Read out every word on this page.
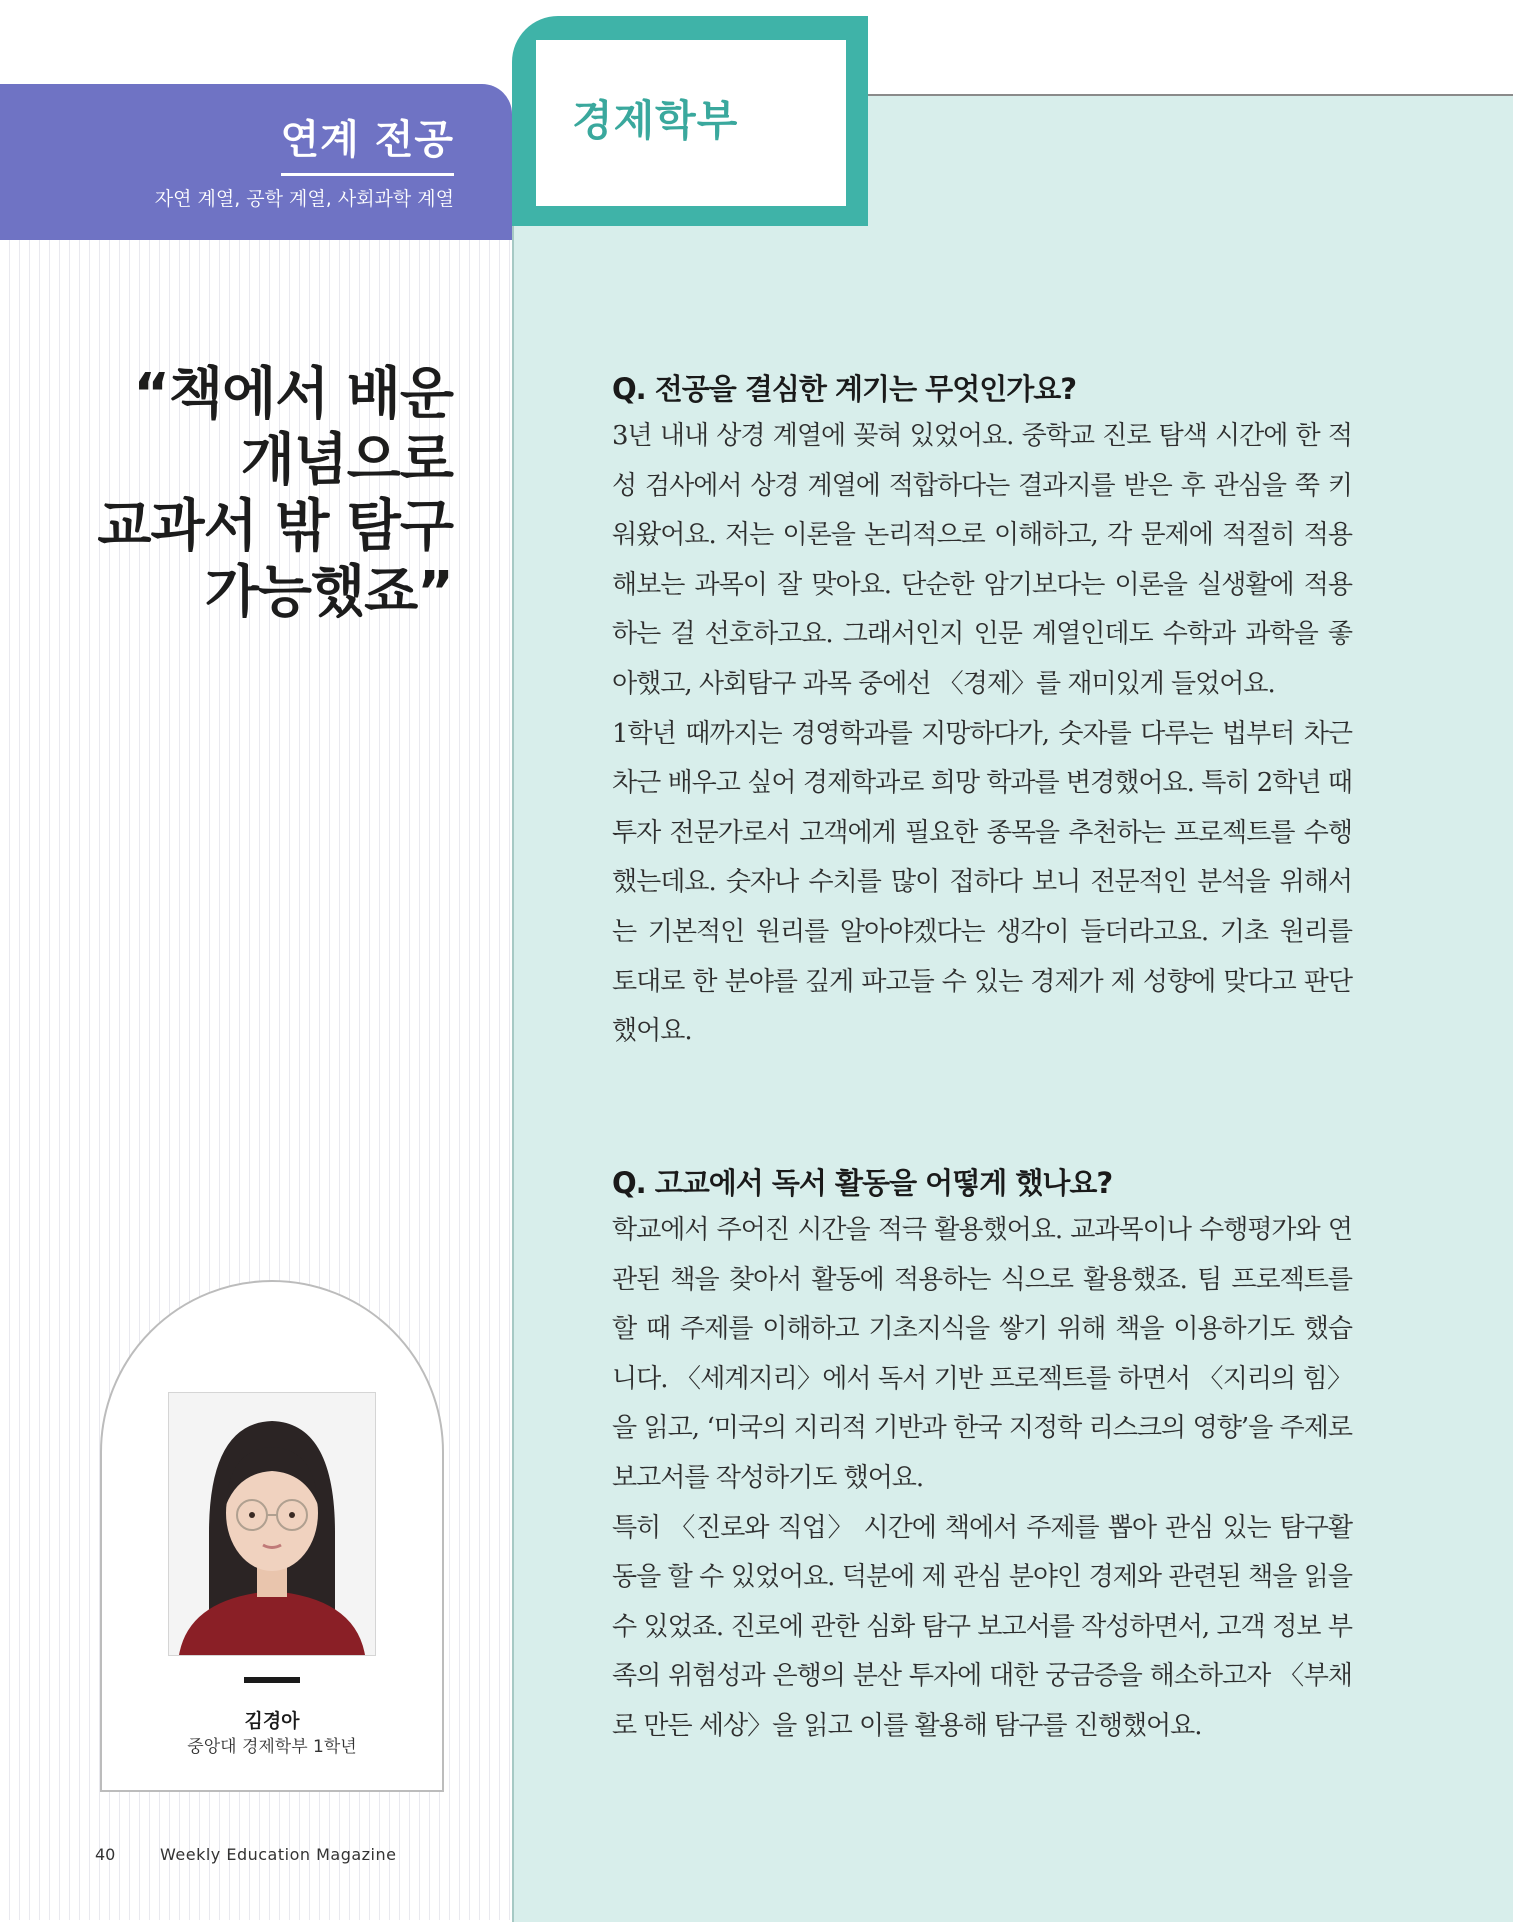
연계 전공
자연 계열, 공학 계열, 사회과학 계열
경제학부
“책에서 배운
개념으로
교과서 밖 탐구
가능했죠”
김경아
중앙대 경제학부 1학년
40	Weekly Education Magazine
Q. 전공을 결심한 계기는 무엇인가요?

3년 내내 상경 계열에 꽂혀 있었어요. 중학교 진로 탐색 시간에 한 적성 검사에서 상경 계열에 적합하다는 결과지를 받은 후 관심을 쭉 키워왔어요. 저는 이론을 논리적으로 이해하고, 각 문제에 적절히 적용해보는 과목이 잘 맞아요. 단순한 암기보다는 이론을 실생활에 적용하는 걸 선호하고요. 그래서인지 인문 계열인데도 수학과 과학을 좋아했고, 사회탐구 과목 중에선 〈경제〉를 재미있게 들었어요.

1학년 때까지는 경영학과를 지망하다가, 숫자를 다루는 법부터 차근차근 배우고 싶어 경제학과로 희망 학과를 변경했어요. 특히 2학년 때 투자 전문가로서 고객에게 필요한 종목을 추천하는 프로젝트를 수행했는데요. 숫자나 수치를 많이 접하다 보니 전문적인 분석을 위해서는 기본적인 원리를 알아야겠다는 생각이 들더라고요. 기초 원리를 토대로 한 분야를 깊게 파고들 수 있는 경제가 제 성향에 맞다고 판단했어요.

Q. 고교에서 독서 활동을 어떻게 했나요?

학교에서 주어진 시간을 적극 활용했어요. 교과목이나 수행평가와 연관된 책을 찾아서 활동에 적용하는 식으로 활용했죠. 팀 프로젝트를 할 때 주제를 이해하고 기초지식을 쌓기 위해 책을 이용하기도 했습니다. 〈세계지리〉에서 독서 기반 프로젝트를 하면서 〈지리의 힘〉을 읽고, ‘미국의 지리적 기반과 한국 지정학 리스크의 영향’을 주제로 보고서를 작성하기도 했어요.

특히 〈진로와 직업〉 시간에 책에서 주제를 뽑아 관심 있는 탐구활동을 할 수 있었어요. 덕분에 제 관심 분야인 경제와 관련된 책을 읽을 수 있었죠. 진로에 관한 심화 탐구 보고서를 작성하면서, 고객 정보 부족의 위험성과 은행의 분산 투자에 대한 궁금증을 해소하고자 〈부채로 만든 세상〉을 읽고 이를 활용해 탐구를 진행했어요.
